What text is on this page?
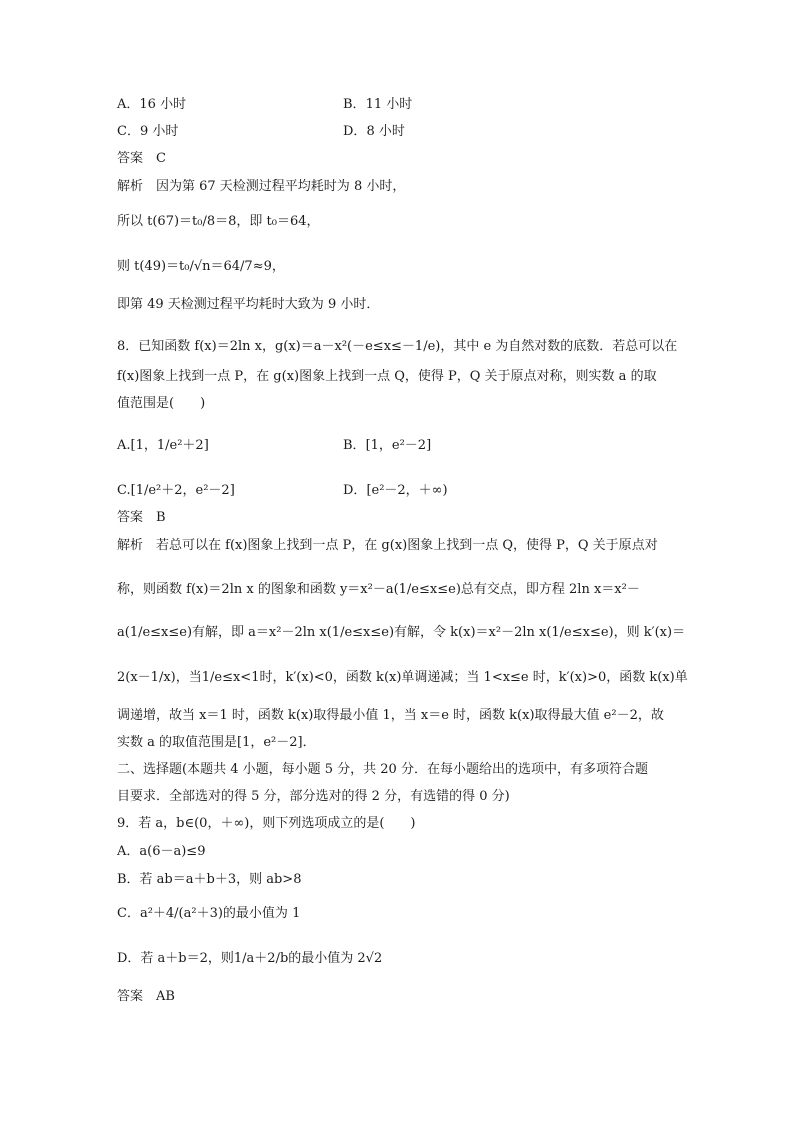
A．16 小时	B．11 小时
C．9 小时	D．8 小时
答案　C
解析　因为第 67 天检测过程平均耗时为 8 小时，
所以 t(67)＝t₀/8＝8，即 t₀＝64，
则 t(49)＝t₀/√n＝64/7≈9，
即第 49 天检测过程平均耗时大致为 9 小时．
8．已知函数 f(x)＝2ln x，g(x)＝a－x²(－e≤x≤－1/e)，其中 e 为自然对数的底数．若总可以在
f(x)图象上找到一点 P，在 g(x)图象上找到一点 Q，使得 P，Q 关于原点对称，则实数 a 的取
值范围是(　　)
A.[1，1/e²＋2]	B．[1，e²－2]
C.[1/e²＋2，e²－2]	D．[e²－2，＋∞)
答案　B
解析　若总可以在 f(x)图象上找到一点 P，在 g(x)图象上找到一点 Q，使得 P，Q 关于原点对
称，则函数 f(x)＝2ln x 的图象和函数 y＝x²－a(1/e≤x≤e)总有交点，即方程 2ln x＝x²－
a(1/e≤x≤e)有解，即 a＝x²－2ln x(1/e≤x≤e)有解，令 k(x)＝x²－2ln x(1/e≤x≤e)，则 k′(x)＝
2(x－1/x)，当1/e≤x<1时，k′(x)<0，函数 k(x)单调递减；当 1<x≤e 时，k′(x)>0，函数 k(x)单
调递增，故当 x＝1 时，函数 k(x)取得最小值 1，当 x＝e 时，函数 k(x)取得最大值 e²－2，故
实数 a 的取值范围是[1，e²－2]．
二、选择题(本题共 4 小题，每小题 5 分，共 20 分．在每小题给出的选项中，有多项符合题
目要求．全部选对的得 5 分，部分选对的得 2 分，有选错的得 0 分)
9．若 a，b∈(0，＋∞)，则下列选项成立的是(　　)
A．a(6－a)≤9
B．若 ab＝a＋b＋3，则 ab>8
C．a²＋4/(a²＋3)的最小值为 1
D．若 a＋b＝2，则1/a＋2/b的最小值为 2√2
答案　AB
